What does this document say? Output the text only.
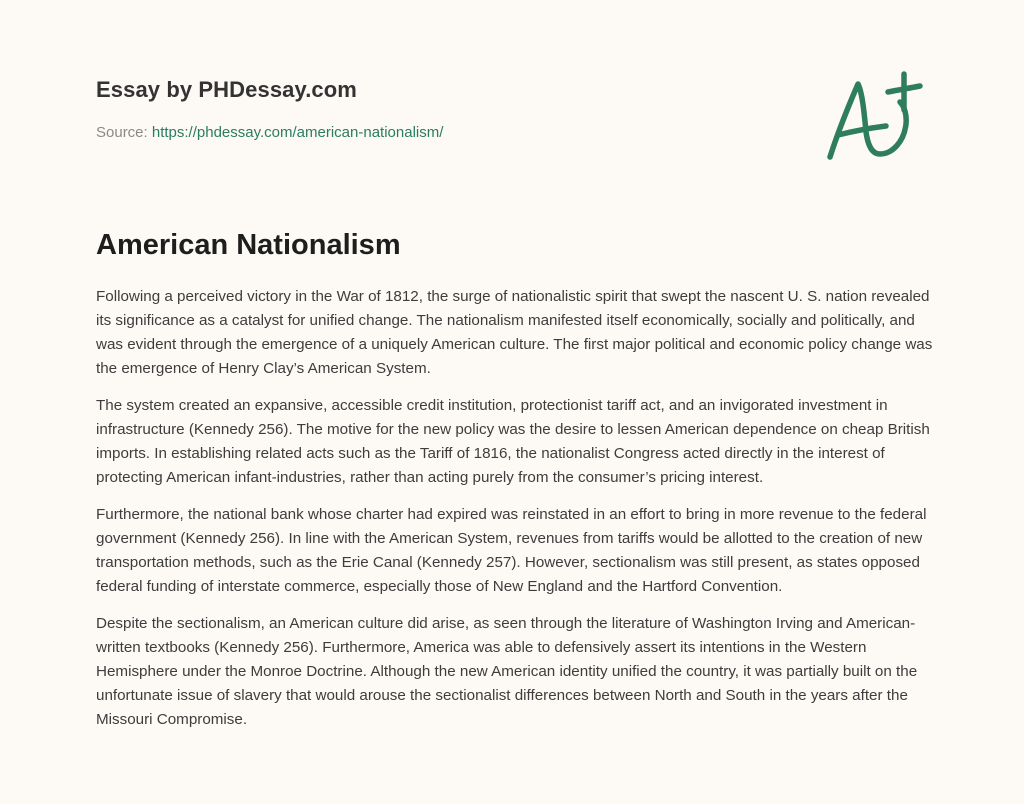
Essay by PHDessay.com
Source: https://phdessay.com/american-nationalism/
American Nationalism

Following a perceived victory in the War of 1812, the surge of nationalistic spirit that swept the nascent U. S. nation revealed its significance as a catalyst for unified change. The nationalism manifested itself economically, socially and politically, and was evident through the emergence of a uniquely American culture. The first major political and economic policy change was the emergence of Henry Clay’s American System.

The system created an expansive, accessible credit institution, protectionist tariff act, and an invigorated investment in infrastructure (Kennedy 256). The motive for the new policy was the desire to lessen American dependence on cheap British imports. In establishing related acts such as the Tariff of 1816, the nationalist Congress acted directly in the interest of protecting American infant-industries, rather than acting purely from the consumer’s pricing interest.

Furthermore, the national bank whose charter had expired was reinstated in an effort to bring in more revenue to the federal government (Kennedy 256). In line with the American System, revenues from tariffs would be allotted to the creation of new transportation methods, such as the Erie Canal (Kennedy 257). However, sectionalism was still present, as states opposed federal funding of interstate commerce, especially those of New England and the Hartford Convention.

Despite the sectionalism, an American culture did arise, as seen through the literature of Washington Irving and American-written textbooks (Kennedy 256). Furthermore, America was able to defensively assert its intentions in the Western Hemisphere under the Monroe Doctrine. Although the new American identity unified the country, it was partially built on the unfortunate issue of slavery that would arouse the sectionalist differences between North and South in the years after the Missouri Compromise.
